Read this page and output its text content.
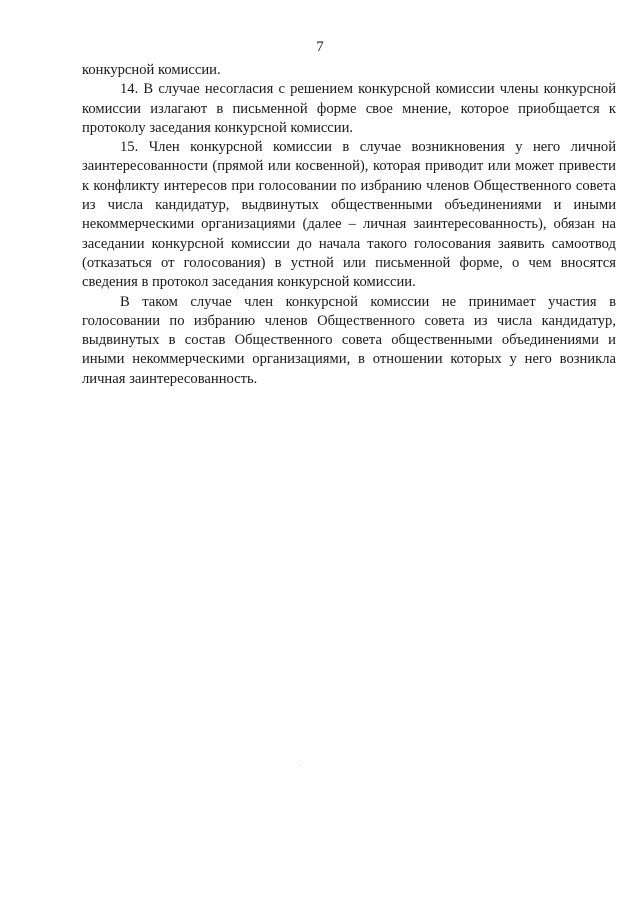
7

конкурсной комиссии.

14. В случае несогласия с решением конкурсной комиссии члены конкурсной комиссии излагают в письменной форме свое мнение, которое приобщается к протоколу заседания конкурсной комиссии.

15. Член конкурсной комиссии в случае возникновения у него личной заинтересованности (прямой или косвенной), которая приводит или может привести к конфликту интересов при голосовании по избранию членов Общественного совета из числа кандидатур, выдвинутых общественными объединениями и иными некоммерческими организациями (далее – личная заинтересованность), обязан на заседании конкурсной комиссии до начала такого голосования заявить самоотвод (отказаться от голосования) в устной или письменной форме, о чем вносятся сведения в протокол заседания конкурсной комиссии.

В таком случае член конкурсной комиссии не принимает участия в голосовании по избранию членов Общественного совета из числа кандидатур, выдвинутых в состав Общественного совета общественными объединениями и иными некоммерческими организациями, в отношении которых у него возникла личная заинтересованность.
